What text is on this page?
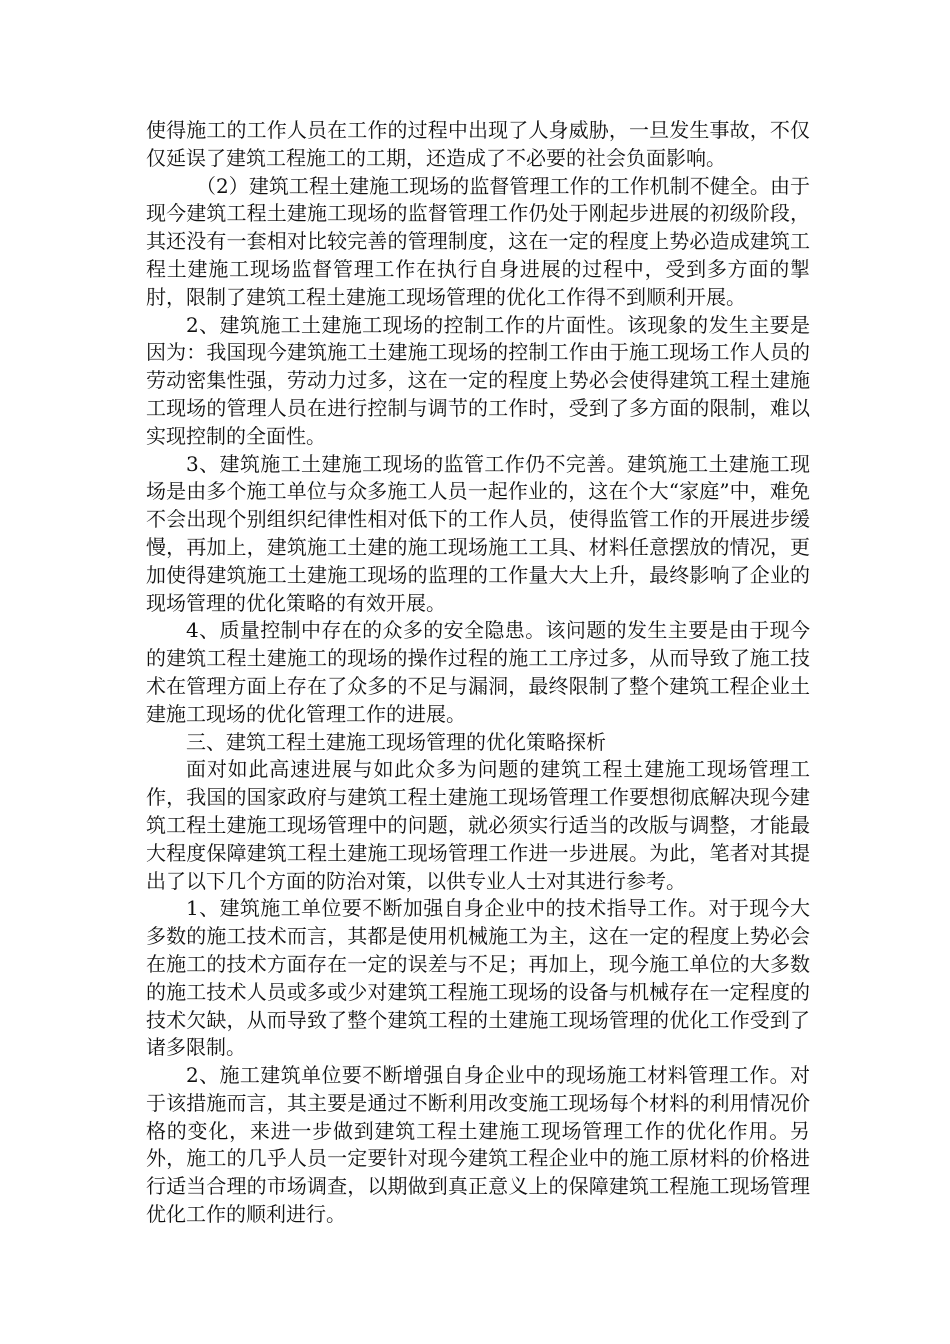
使得施工的工作人员在工作的过程中出现了人身威胁，一旦发生事故，不仅仅延误了建筑工程施工的工期，还造成了不必要的社会负面影响。

（2）建筑工程土建施工现场的监督管理工作的工作机制不健全。由于现今建筑工程土建施工现场的监督管理工作仍处于刚起步进展的初级阶段，其还没有一套相对比较完善的管理制度，这在一定的程度上势必造成建筑工程土建施工现场监督管理工作在执行自身进展的过程中，受到多方面的掣肘，限制了建筑工程土建施工现场管理的优化工作得不到顺利开展。

2、建筑施工土建施工现场的控制工作的片面性。该现象的发生主要是因为：我国现今建筑施工土建施工现场的控制工作由于施工现场工作人员的劳动密集性强，劳动力过多，这在一定的程度上势必会使得建筑工程土建施工现场的管理人员在进行控制与调节的工作时，受到了多方面的限制，难以实现控制的全面性。

3、建筑施工土建施工现场的监管工作仍不完善。建筑施工土建施工现场是由多个施工单位与众多施工人员一起作业的，这在个大“家庭”中，难免不会出现个别组织纪律性相对低下的工作人员，使得监管工作的开展进步缓慢，再加上，建筑施工土建的施工现场施工工具、材料任意摆放的情况，更加使得建筑施工土建施工现场的监理的工作量大大上升，最终影响了企业的现场管理的优化策略的有效开展。

4、质量控制中存在的众多的安全隐患。该问题的发生主要是由于现今的建筑工程土建施工的现场的操作过程的施工工序过多，从而导致了施工技术在管理方面上存在了众多的不足与漏洞，最终限制了整个建筑工程企业土建施工现场的优化管理工作的进展。

三、建筑工程土建施工现场管理的优化策略探析

面对如此高速进展与如此众多为问题的建筑工程土建施工现场管理工作，我国的国家政府与建筑工程土建施工现场管理工作要想彻底解决现今建筑工程土建施工现场管理中的问题，就必须实行适当的改版与调整，才能最大程度保障建筑工程土建施工现场管理工作进一步进展。为此，笔者对其提出了以下几个方面的防治对策，以供专业人士对其进行参考。

1、建筑施工单位要不断加强自身企业中的技术指导工作。对于现今大多数的施工技术而言，其都是使用机械施工为主，这在一定的程度上势必会在施工的技术方面存在一定的误差与不足；再加上，现今施工单位的大多数的施工技术人员或多或少对建筑工程施工现场的设备与机械存在一定程度的技术欠缺，从而导致了整个建筑工程的土建施工现场管理的优化工作受到了诸多限制。

2、施工建筑单位要不断增强自身企业中的现场施工材料管理工作。对于该措施而言，其主要是通过不断利用改变施工现场每个材料的利用情况价格的变化，来进一步做到建筑工程土建施工现场管理工作的优化作用。另外，施工的几乎人员一定要针对现今建筑工程企业中的施工原材料的价格进行适当合理的市场调查，以期做到真正意义上的保障建筑工程施工现场管理优化工作的顺利进行。
